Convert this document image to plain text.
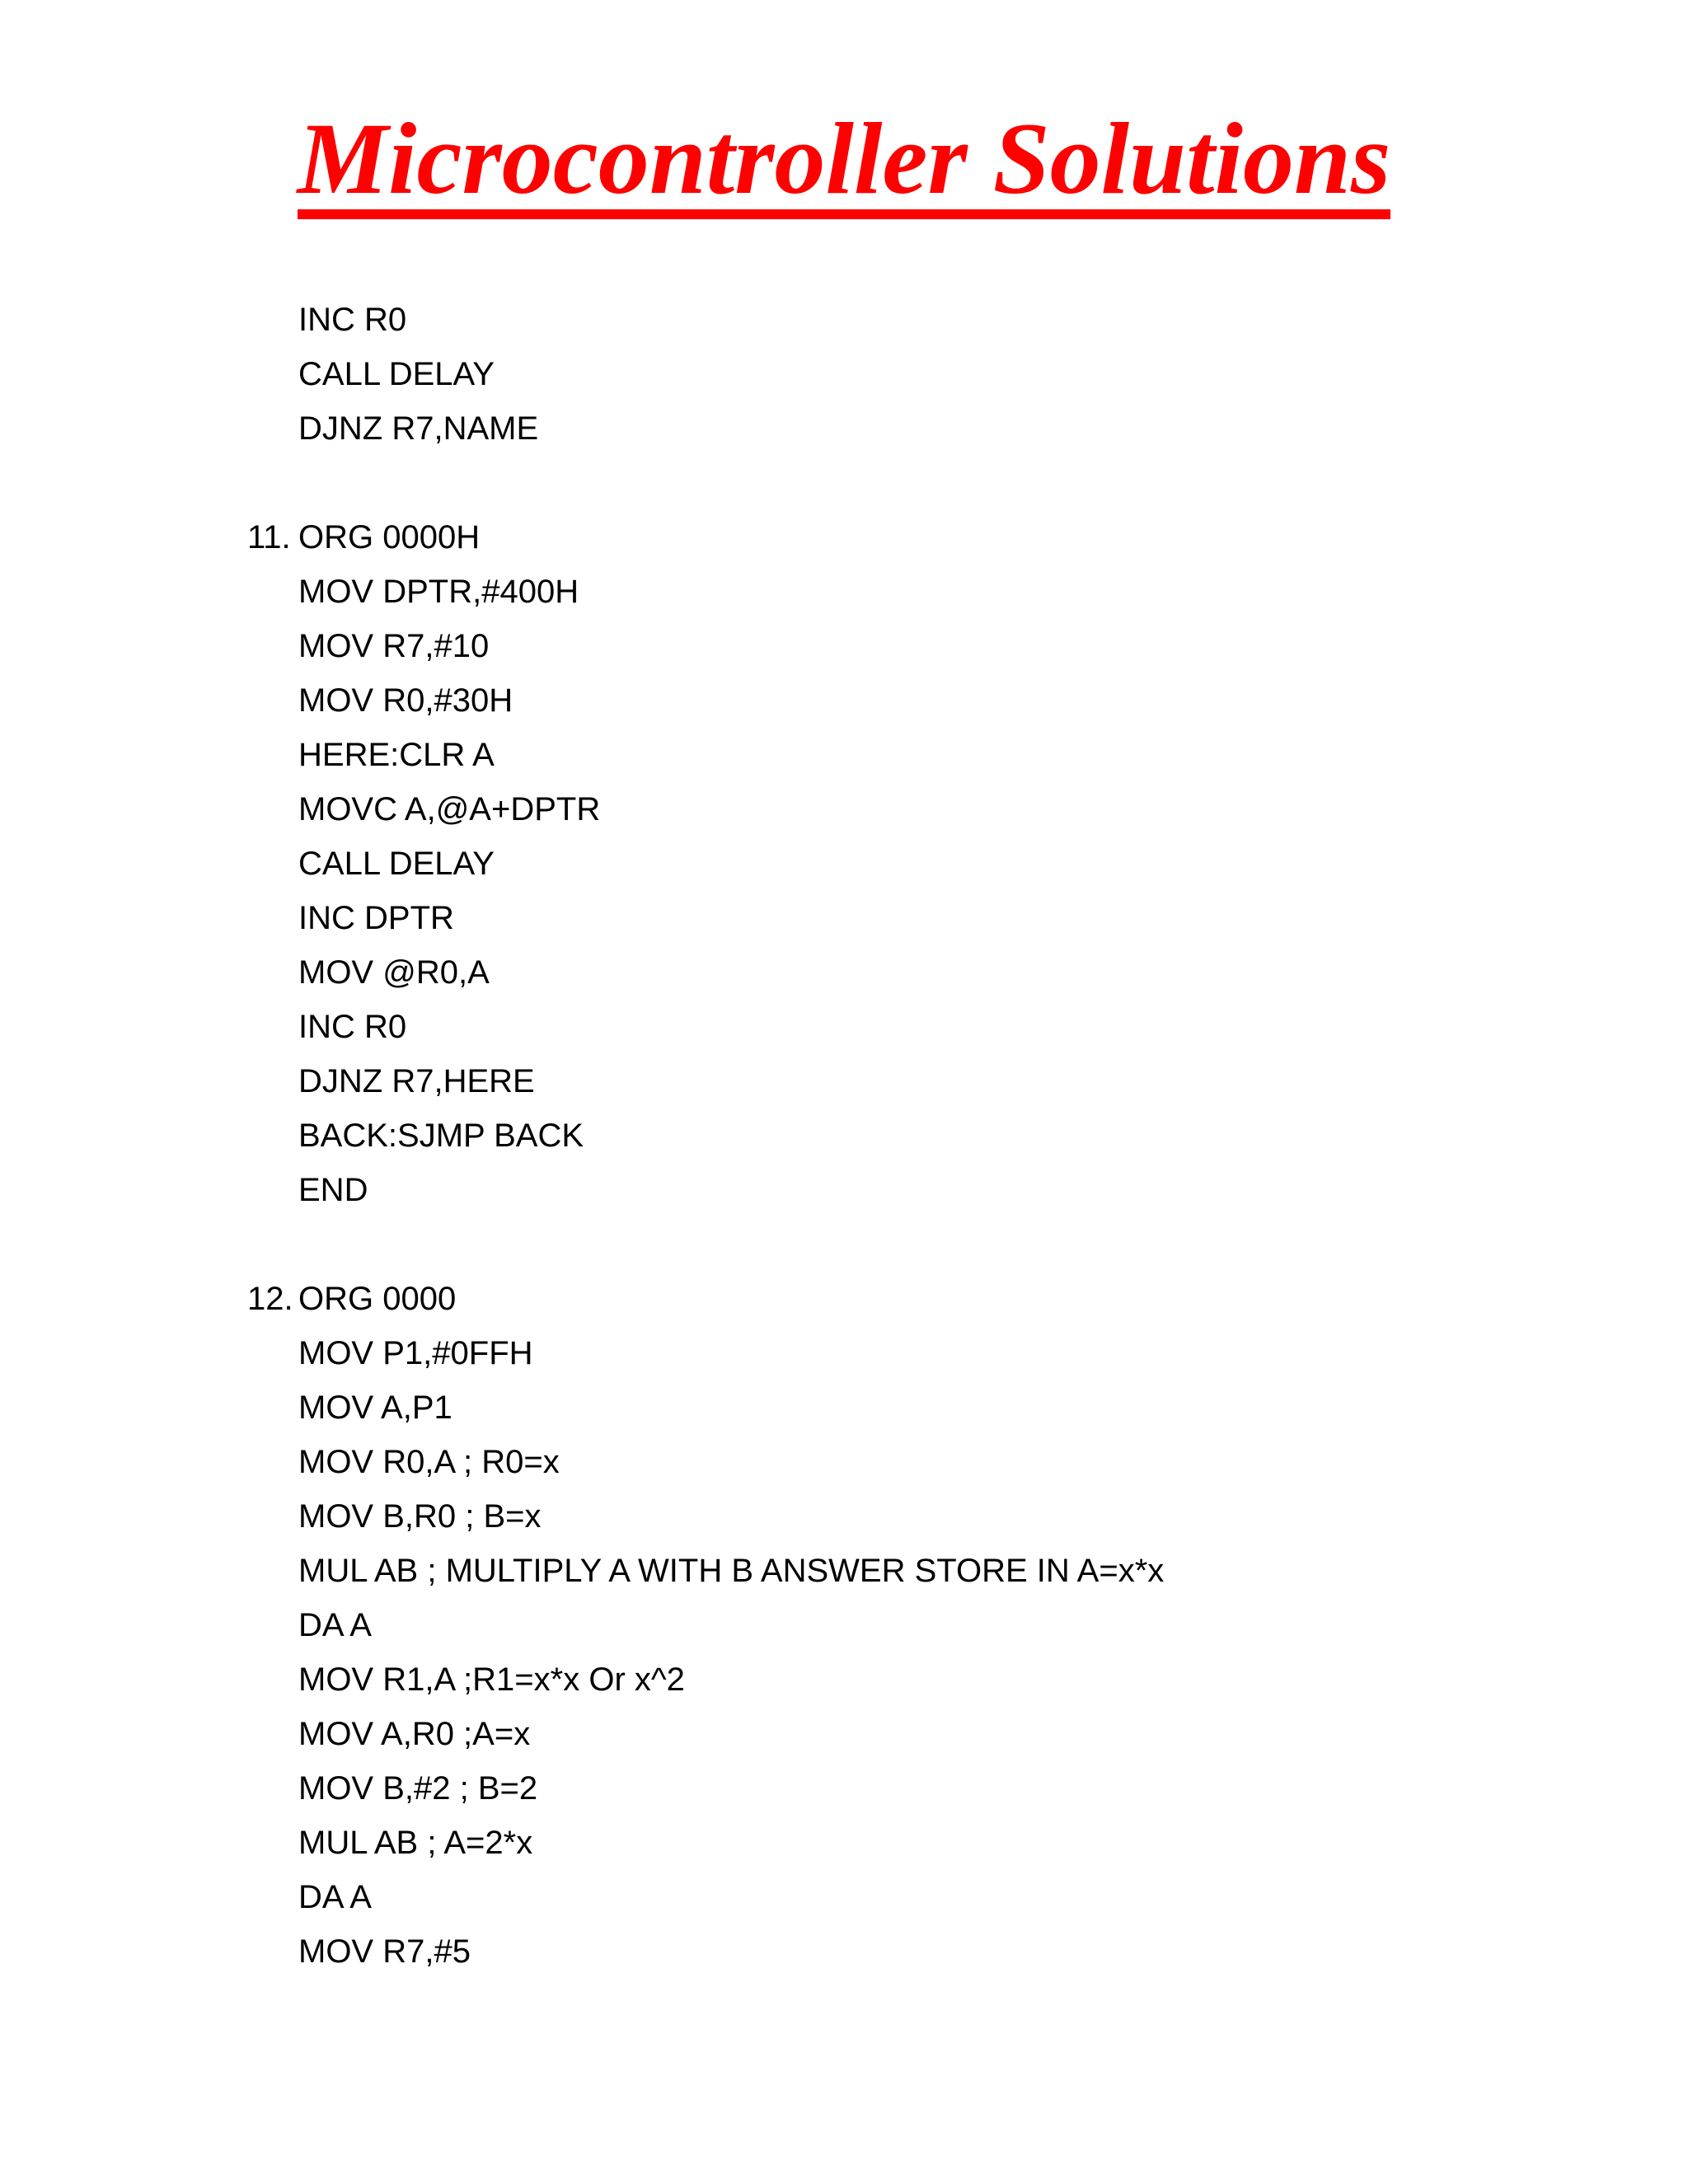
Microcontroller Solutions
INC R0
CALL DELAY
DJNZ R7,NAME
11. ORG 0000H
MOV DPTR,#400H
MOV R7,#10
MOV R0,#30H
HERE:CLR A
MOVC A,@A+DPTR
CALL DELAY
INC DPTR
MOV @R0,A
INC R0
DJNZ R7,HERE
BACK:SJMP BACK
END
12. ORG 0000
MOV P1,#0FFH
MOV A,P1
MOV R0,A ; R0=x
MOV B,R0 ; B=x
MUL AB ; MULTIPLY A WITH B ANSWER STORE IN A=x*x
DA A
MOV R1,A ;R1=x*x Or x^2
MOV A,R0 ;A=x
MOV B,#2 ; B=2
MUL AB ; A=2*x
DA A
MOV R7,#5
